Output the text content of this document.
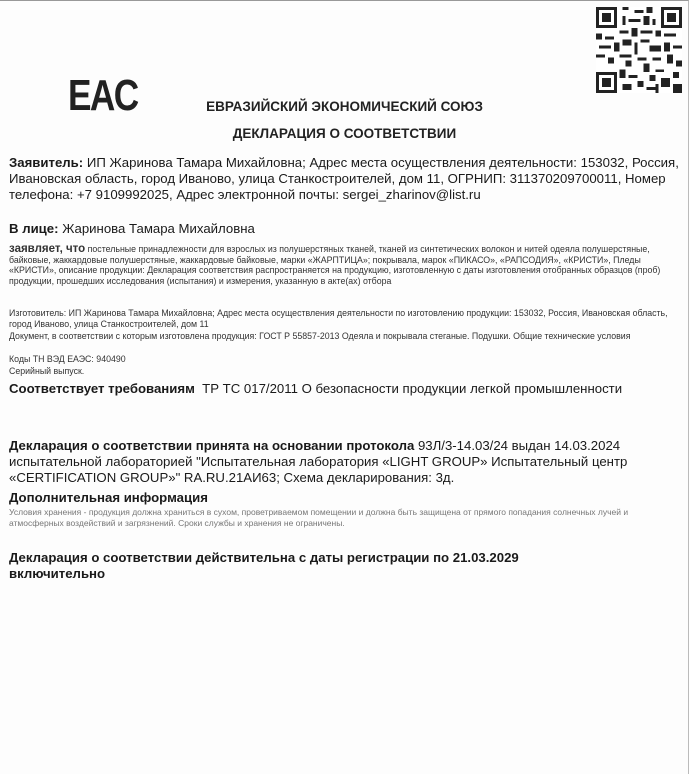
EAC	ЕВРАЗИЙСКИЙ ЭКОНОМИЧЕСКИЙ СОЮЗ
ДЕКЛАРАЦИЯ О СООТВЕТСТВИИ
Заявитель: ИП Жаринова Тамара Михайловна; Адрес места осуществления деятельности: 153032, Россия, Ивановская область, город Иваново, улица Станкостроителей, дом 11, ОГРНИП: 311370209700011, Номер телефона: +7 9109992025, Адрес электронной почты: sergei_zharinov@list.ru
В лице: Жаринова Тамара Михайловна
заявляет, что постельные принадлежности для взрослых из полушерстяных тканей, тканей из синтетических волокон и нитей одеяла полушерстяные, байковые, жаккардовые полушерстяные, жаккардовые байковые, марки «ЖАРПТИЦА»; покрывала, марок «ПИКАСО», «РАПСОДИЯ», «КРИСТИ», Пледы «КРИСТИ», описание продукции: Декларация соответствия распространяется на продукцию, изготовленную с даты изготовления отобранных образцов (проб) продукции, прошедших исследования (испытания) и измерения, указанную в акте(ах) отбора
Изготовитель: ИП Жаринова Тамара Михайловна; Адрес места осуществления деятельности по изготовлению продукции: 153032, Россия, Ивановская область, город Иваново, улица Станкостроителей, дом 11
Документ, в соответствии с которым изготовлена продукция: ГОСТ Р 55857-2013 Одеяла и покрывала стеганые. Подушки. Общие технические условия
Коды ТН ВЭД ЕАЭС: 940490
Серийный выпуск.
Соответствует требованиям ТР ТС 017/2011 О безопасности продукции легкой промышленности
Декларация о соответствии принята на основании протокола 93Л/3-14.03/24 выдан 14.03.2024 испытательной лабораторией "Испытательная лаборатория «LIGHT GROUP» Испытательный центр «CERTIFICATION GROUP»" RA.RU.21АИ63; Схема декларирования: 3д.
Дополнительная информация
Условия хранения - продукция должна храниться в сухом, проветриваемом помещении и должна быть защищена от прямого попадания солнечных лучей и атмосферных воздействий и загрязнений. Сроки службы и хранения не ограничены.
Декларация о соответствии действительна с даты регистрации по 21.03.2029 включительно
